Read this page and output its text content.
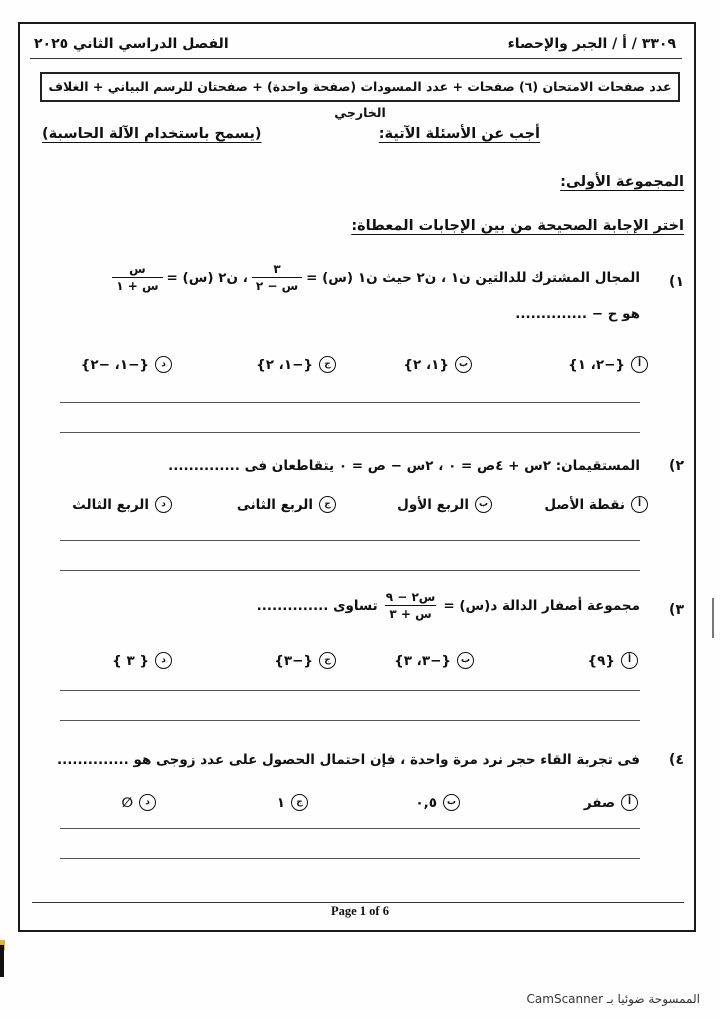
٣٣٠٩ / أ / الجبر والإحصاء
الفصل الدراسي الثاني ٢٠٢٥
عدد صفحات الامتحان (٦) صفحات + عدد المسودات (صفحة واحدة) + صفحتان للرسم البياني + الغلاف الخارجي
أجب عن الأسئلة الآتية:
(يسمح باستخدام الآلة الحاسبة)
المجموعة الأولى:
اختر الإجابة الصحيحة من بين الإجابات المعطاة:
١)
المجال المشترك للدالتين ن١ ، ن٢ حيث ن١ (س) =
$\frac{٣}{\text{س − ٢}}$
، ن٢ (س) =
$\frac{\text{س}}{\text{س + ١}}$
هو ح − ..............
أ
{−٢، ١}
ب
{١، ٢}
ج
{−١، ٢}
د
{−١، −٢}
٢)
المستقيمان: ٢س + ٤ص = ٠ ، ٢س − ص = ٠ يتقاطعان فى ..............
أ
نقطة الأصل
ب
الربع الأول
ج
الربع الثانى
د
الربع الثالث
٣)
مجموعة أصفار الدالة د(س) =
$\frac{\text{س٢ − ٩}}{\text{س + ٣}}$
تساوى ..............
أ
{٩}
ب
{−٣، ٣}
ج
{−٣}
د
{ ٣ }
٤)
فى تجربة القاء حجر نرد مرة واحدة ، فإن احتمال الحصول على عدد زوجى هو ..............
أ
صفر
ب
٠,٥
ج
١
د
∅
Page 1 of 6
الممسوحة ضوئيا بـ CamScanner
